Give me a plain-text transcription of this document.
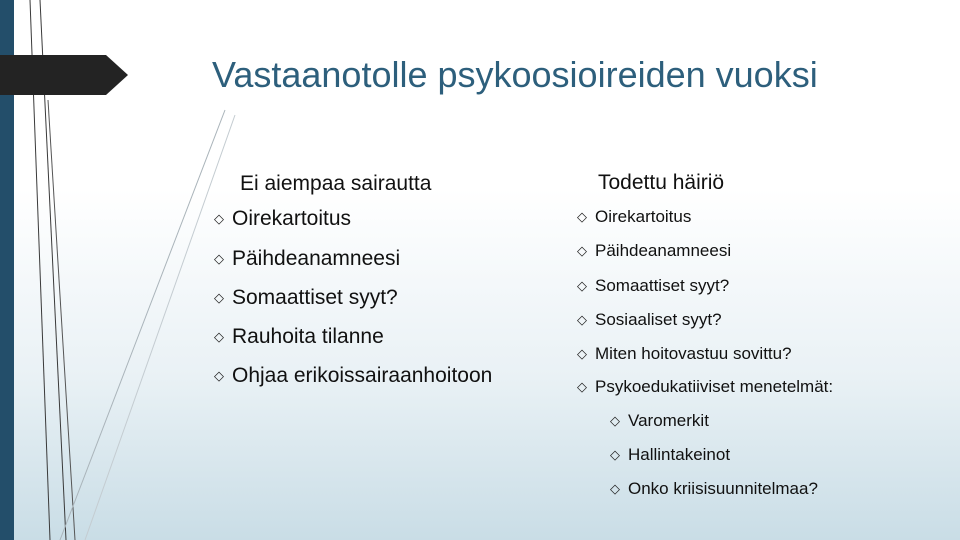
Vastaanotolle psykoosioireiden vuoksi
Ei aiempaa sairautta
◇ Oirekartoitus
◇ Päihdeanamneesi
◇ Somaattiset syyt?
◇ Rauhoita tilanne
◇ Ohjaa erikoissairaanhoitoon
Todettu häiriö
◇ Oirekartoitus
◇ Päihdeanamneesi
◇ Somaattiset syyt?
◇ Sosiaaliset syyt?
◇ Miten hoitovastuu sovittu?
◇ Psykoedukatiiviset menetelmät:
◇ Varomerkit
◇ Hallintakeinot
◇ Onko kriisisuunnitelmaa?
